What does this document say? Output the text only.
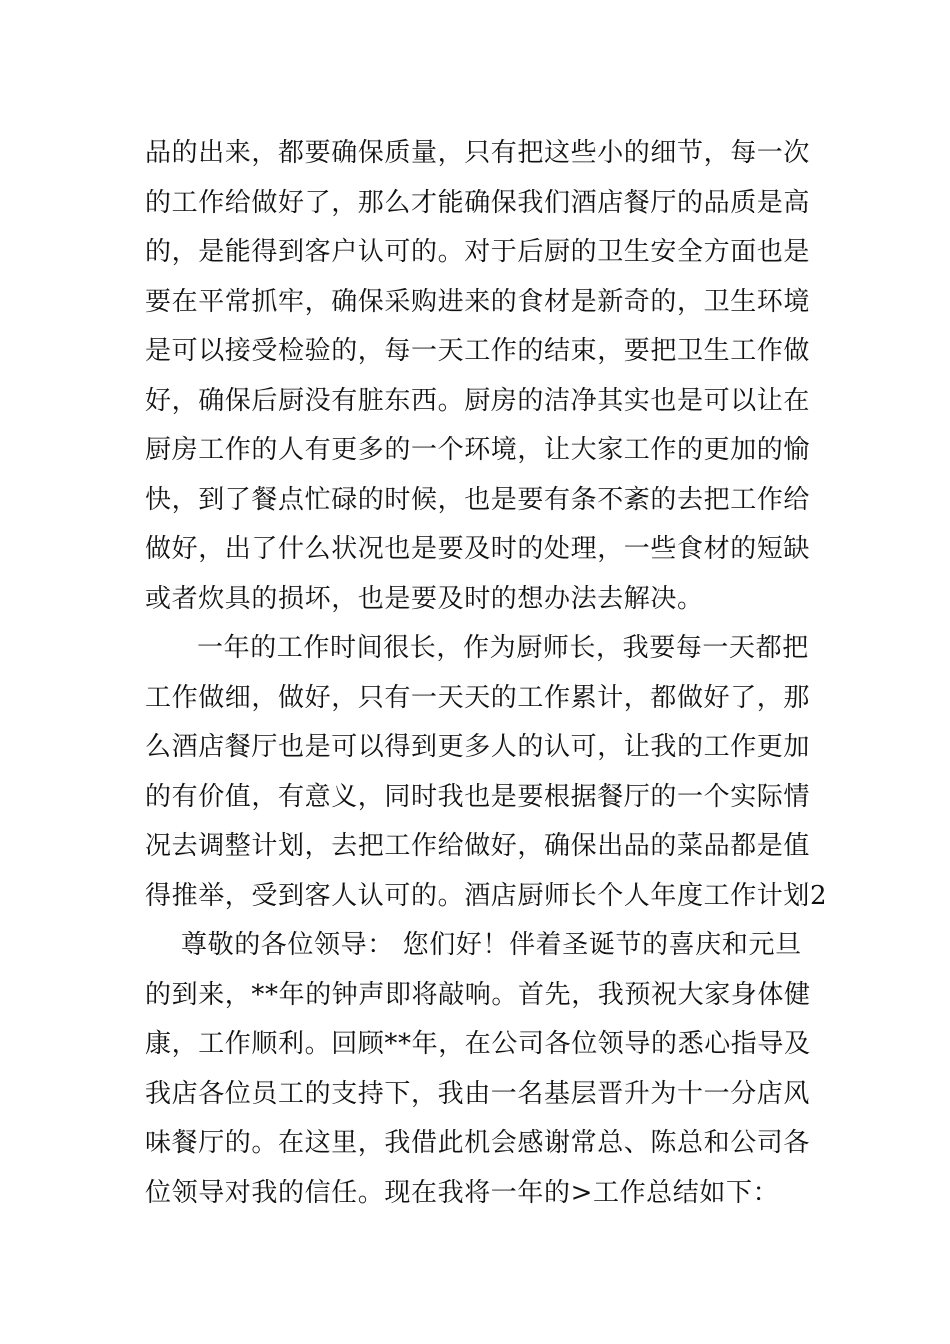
品的出来，都要确保质量，只有把这些小的细节，每一次
的工作给做好了，那么才能确保我们酒店餐厅的品质是高
的，是能得到客户认可的。对于后厨的卫生安全方面也是
要在平常抓牢，确保采购进来的食材是新奇的，卫生环境
是可以接受检验的，每一天工作的结束，要把卫生工作做
好，确保后厨没有脏东西。厨房的洁净其实也是可以让在
厨房工作的人有更多的一个环境，让大家工作的更加的愉
快，到了餐点忙碌的时候，也是要有条不紊的去把工作给
做好，出了什么状况也是要及时的处理，一些食材的短缺
或者炊具的损坏，也是要及时的想办法去解决。
一年的工作时间很长，作为厨师长，我要每一天都把
工作做细，做好，只有一天天的工作累计，都做好了，那
么酒店餐厅也是可以得到更多人的认可，让我的工作更加
的有价值，有意义，同时我也是要根据餐厅的一个实际情
况去调整计划，去把工作给做好，确保出品的菜品都是值
得推举，受到客人认可的。酒店厨师长个人年度工作计划2
尊敬的各位领导： 您们好！伴着圣诞节的喜庆和元旦
的到来，**年的钟声即将敲响。首先，我预祝大家身体健
康，工作顺利。回顾**年，在公司各位领导的悉心指导及
我店各位员工的支持下，我由一名基层晋升为十一分店风
味餐厅的。在这里，我借此机会感谢常总、陈总和公司各
位领导对我的信任。现在我将一年的>工作总结如下：
